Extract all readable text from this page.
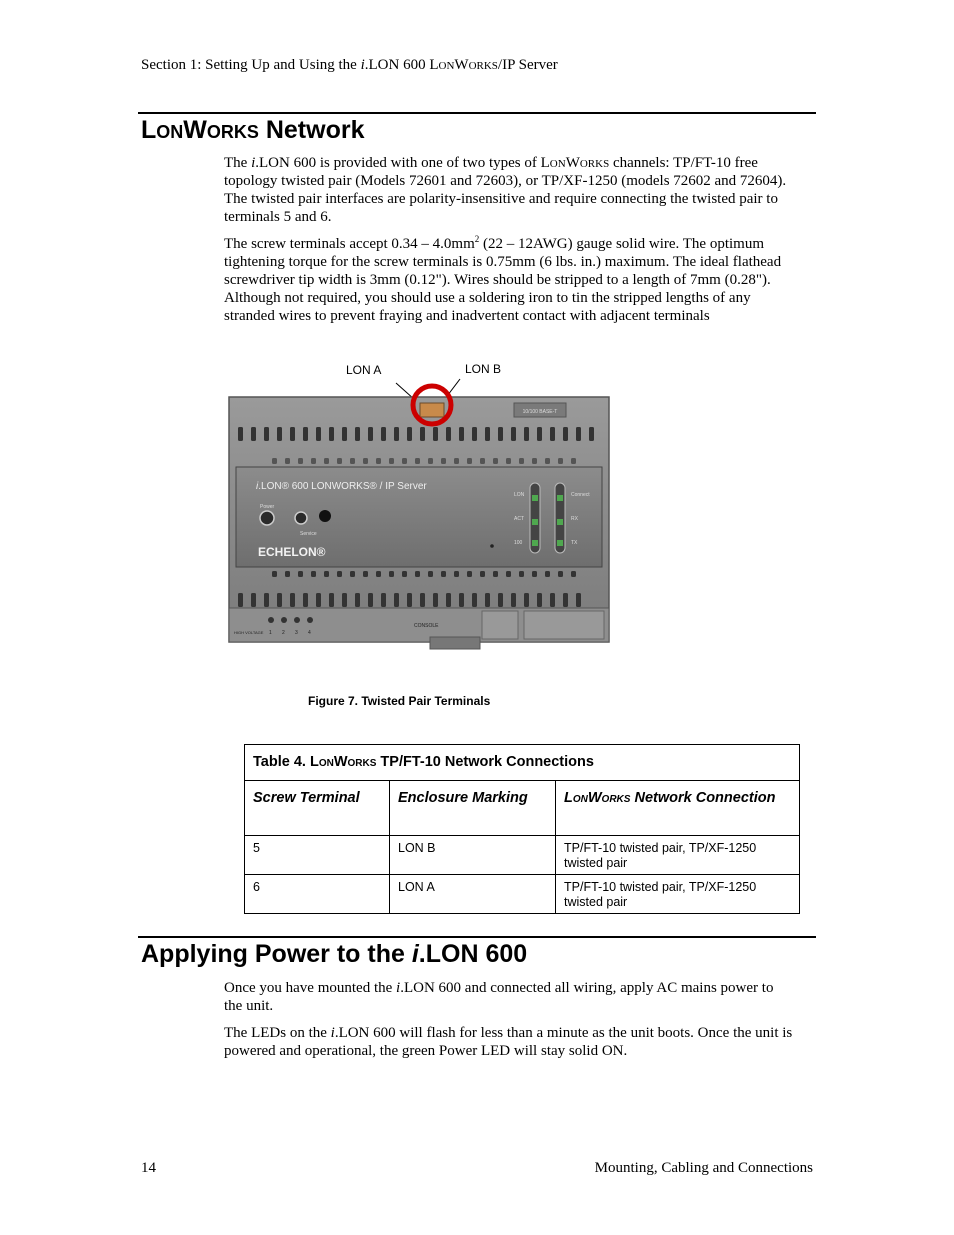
Section 1: Setting Up and Using the i.LON 600 LonWorks/IP Server
LonWorks Network

The i.LON 600 is provided with one of two types of LonWorks channels: TP/FT-10 free topology twisted pair (Models 72601 and 72603), or TP/XF-1250 (models 72602 and 72604). The twisted pair interfaces are polarity-insensitive and require connecting the twisted pair to terminals 5 and 6.

The screw terminals accept $0.34 - 4.0mm^2$ (22 – 12AWG) gauge solid wire. The optimum tightening torque for the screw terminals is 0.75mm (6 lbs. in.) maximum. The ideal flathead screwdriver tip width is 3mm (0.12"). Wires should be stripped to a length of 7mm (0.28"). Although not required, you should use a soldering iron to tin the stripped lengths of any stranded wires to prevent fraying and inadvertent contact with adjacent terminals

LON A	LON B
10/100 BASE-T
i.LON® 600 LONWORKS® / IP Server
Power
Service
ECHELON®
LON
ACT
100
Connect
RX
TX
CONSOLE
HIGH VOLTAGE 1 2 3 4
Figure 7. Twisted Pair Terminals
Table 4. LonWorks TP/FT-10 Network Connections		
Screw Terminal	Enclosure Marking	LonWorks Network Connection
5	LON B	TP/FT-10 twisted pair, TP/XF-1250 twisted pair
6	LON A	TP/FT-10 twisted pair, TP/XF-1250 twisted pair
Applying Power to the i.LON 600

Once you have mounted the i.LON 600 and connected all wiring, apply AC mains power to the unit.

The LEDs on the i.LON 600 will flash for less than a minute as the unit boots. Once the unit is powered and operational, the green Power LED will stay solid ON.

14	Mounting, Cabling and Connections
